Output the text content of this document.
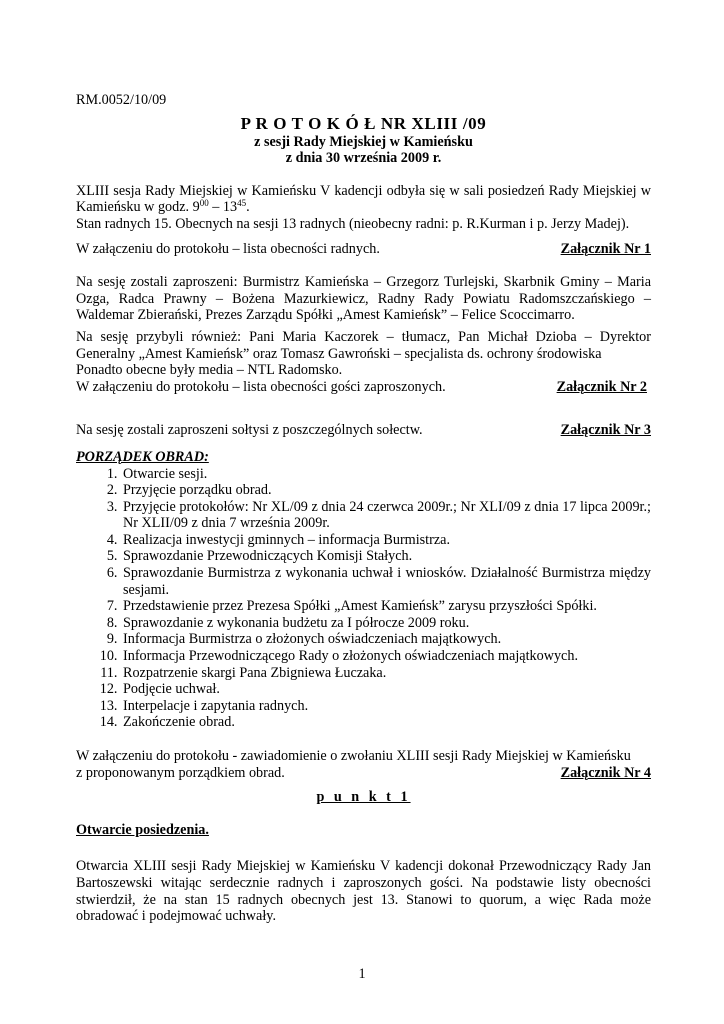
RM.0052/10/09

P R O T O K Ó Ł NR XLIII /09

z sesji Rady Miejskiej w Kamieńsku

z dnia 30 września 2009 r.

XLIII sesja Rady Miejskiej w Kamieńsku V kadencji odbyła się w sali posiedzeń Rady Miejskiej w Kamieńsku w godz. $9^{00} - 13^{45}$.

Stan radnych 15. Obecnych na sesji 13 radnych (nieobecny radni: p. R.Kurman i p. Jerzy Madej).

W załączeniu do protokołu – lista obecności radnych.	Załącznik Nr 1

Na sesję zostali zaproszeni: Burmistrz Kamieńska – Grzegorz Turlejski, Skarbnik Gminy – Maria Ozga, Radca Prawny – Bożena Mazurkiewicz, Radny Rady Powiatu Radomszczańskiego – Waldemar Zbierański, Prezes Zarządu Spółki „Amest Kamieńsk” – Felice Scoccimarro.

Na sesję przybyli również: Pani Maria Kaczorek – tłumacz, Pan Michał Dzioba – Dyrektor Generalny „Amest Kamieńsk” oraz Tomasz Gawroński – specjalista ds. ochrony środowiska

Ponadto obecne były media – NTL Radomsko.

W załączeniu do protokołu – lista obecności gości zaproszonych.	Załącznik Nr 2
Na sesję zostali zaproszeni sołtysi z poszczególnych sołectw.	Załącznik Nr 3

PORZĄDEK OBRAD:

1. Otwarcie sesji.
2. Przyjęcie porządku obrad.
3. Przyjęcie protokołów: Nr XL/09 z dnia 24 czerwca 2009r.; Nr XLI/09 z dnia 17 lipca 2009r.; Nr XLII/09 z dnia 7 września 2009r.
4. Realizacja inwestycji gminnych – informacja Burmistrza.
5. Sprawozdanie Przewodniczących Komisji Stałych.
6. Sprawozdanie Burmistrza z wykonania uchwał i wniosków. Działalność Burmistrza między sesjami.
7. Przedstawienie przez Prezesa Spółki „Amest Kamieńsk” zarysu przyszłości Spółki.
8. Sprawozdanie z wykonania budżetu za I półrocze 2009 roku.
9. Informacja Burmistrza o złożonych oświadczeniach majątkowych.
10. Informacja Przewodniczącego Rady o złożonych oświadczeniach majątkowych.
11. Rozpatrzenie skargi Pana Zbigniewa Łuczaka.
12. Podjęcie uchwał.
13. Interpelacje i zapytania radnych.
14. Zakończenie obrad.

W załączeniu do protokołu - zawiadomienie o zwołaniu XLIII sesji Rady Miejskiej w Kamieńsku

z proponowanym porządkiem obrad.	Załącznik Nr 4

p u n k t 1

Otwarcie posiedzenia.

Otwarcia XLIII sesji Rady Miejskiej w Kamieńsku V kadencji dokonał Przewodniczący Rady Jan Bartoszewski witając serdecznie radnych i zaproszonych gości. Na podstawie listy obecności stwierdził, że na stan 15 radnych obecnych jest 13. Stanowi to quorum, a więc Rada może obradować i podejmować uchwały.

1
